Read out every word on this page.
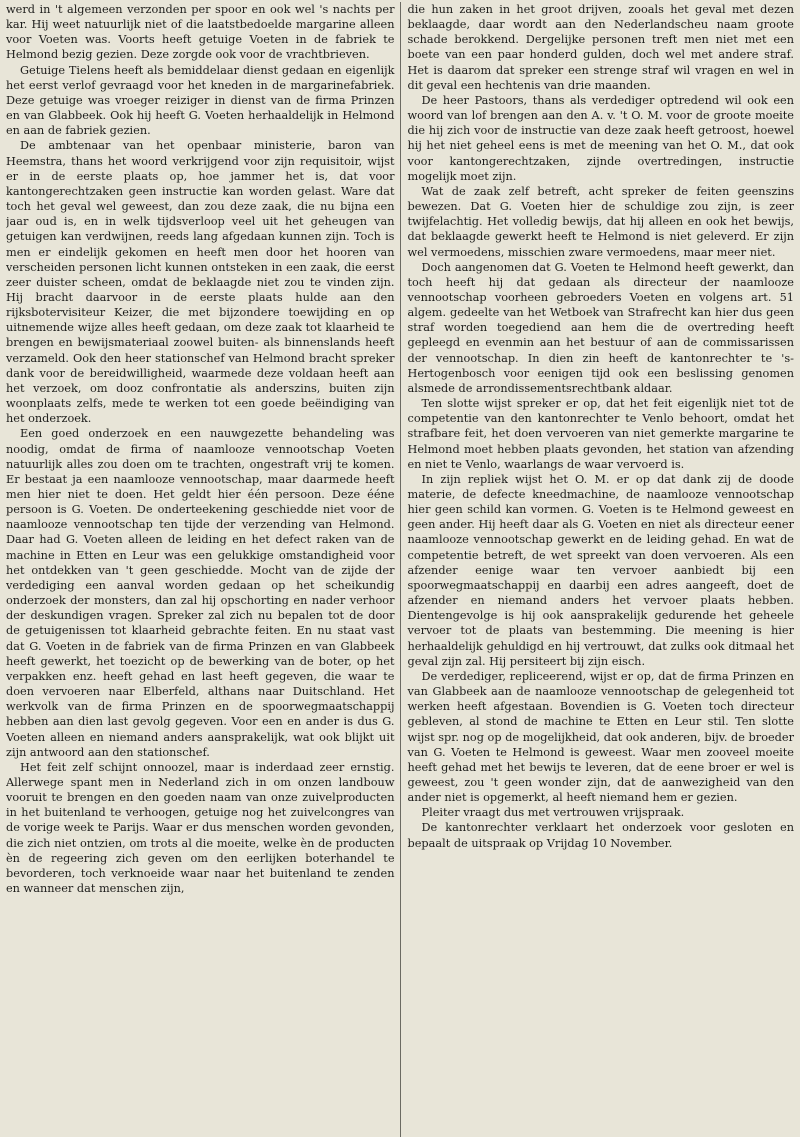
werd in 't algemeen verzonden per spoor en ook wel 's nachts per kar. Hij weet natuurlijk niet of die laatstbedoelde margarine alleen voor Voeten was. Voorts heeft getuige Voeten in de fabriek te Helmond bezig gezien. Deze zorgde ook voor de vrachtbrieven.

Getuige Tielens heeft als bemiddelaar dienst gedaan en eigenlijk het eerst verlof gevraagd voor het kneden in de margarinefabriek. Deze getuige was vroeger reiziger in dienst van de firma Prinzen en van Glabbeek. Ook hij heeft G. Voeten herhaaldelijk in Helmond en aan de fabriek gezien.

De ambtenaar van het openbaar ministerie, baron van Heemstra, thans het woord verkrijgend voor zijn requisitoir, wijst er in de eerste plaats op, hoe jammer het is, dat voor kantongerechtzaken geen instructie kan worden gelast. Ware dat toch het geval wel geweest, dan zou deze zaak, die nu bijna een jaar oud is, en in welk tijdsverloop veel uit het geheugen van getuigen kan verdwijnen, reeds lang afgedaan kunnen zijn. Toch is men er eindelijk gekomen en heeft men door het hooren van verscheiden personen licht kunnen ontsteken in een zaak, die eerst zeer duister scheen, omdat de beklaagde niet zou te vinden zijn. Hij bracht daarvoor in de eerste plaats hulde aan den rijksbotervisiteur Keizer, die met bijzondere toewijding en op uitnemende wijze alles heeft gedaan, om deze zaak tot klaarheid te brengen en bewijsmateriaal zoowel buiten- als binnenslands heeft verzameld. Ook den heer stationschef van Helmond bracht spreker dank voor de bereidwilligheid, waarmede deze voldaan heeft aan het verzoek, om dooz confrontatie als anderszins, buiten zijn woonplaats zelfs, mede te werken tot een goede beëindiging van het onderzoek.

Een goed onderzoek en een nauwgezette behandeling was noodig, omdat de firma of naamlooze vennootschap Voeten natuurlijk alles zou doen om te trachten, ongestraft vrij te komen. Er bestaat ja een naamlooze vennootschap, maar daarmede heeft men hier niet te doen. Het geldt hier één persoon. Deze ééne persoon is G. Voeten. De onderteekening geschiedde niet voor de naamlooze vennootschap ten tijde der verzending van Helmond. Daar had G. Voeten alleen de leiding en het defect raken van de machine in Etten en Leur was een gelukkige omstandigheid voor het ontdekken van 't geen geschiedde. Mocht van de zijde der verdediging een aanval worden gedaan op het scheikundig onderzoek der monsters, dan zal hij opschorting en nader verhoor der deskundigen vragen. Spreker zal zich nu bepalen tot de door de getuigenissen tot klaarheid gebrachte feiten. En nu staat vast dat G. Voeten in de fabriek van de firma Prinzen en van Glabbeek heeft gewerkt, het toezicht op de bewerking van de boter, op het verpakken enz. heeft gehad en last heeft gegeven, die waar te doen vervoeren naar Elberfeld, althans naar Duitschland. Het werkvolk van de firma Prinzen en de spoorwegmaatschappij hebben aan dien last gevolg gegeven. Voor een en ander is dus G. Voeten alleen en niemand anders aansprakelijk, wat ook blijkt uit zijn antwoord aan den stationschef.

Het feit zelf schijnt onnoozel, maar is inderdaad zeer ernstig. Allerwege spant men in Nederland zich in om onzen landbouw vooruit te brengen en den goeden naam van onze zuivelproducten in het buitenland te verhoogen, getuige nog het zuivelcongres van de vorige week te Parijs. Waar er dus menschen worden gevonden, die zich niet ontzien, om trots al die moeite, welke èn de producten èn de regeering zich geven om den eerlijken boterhandel te bevorderen, toch verknoeide waar naar het buitenland te zenden en wanneer dat menschen zijn,

die hun zaken in het groot drijven, zooals het geval met dezen beklaagde, daar wordt aan den Nederlandscheu naam groote schade berokkend. Dergelijke personen treft men niet met een boete van een paar honderd gulden, doch wel met andere straf. Het is daarom dat spreker een strenge straf wil vragen en wel in dit geval een hechtenis van drie maanden.

De heer Pastoors, thans als verdediger optredend wil ook een woord van lof brengen aan den A. v. 't O. M. voor de groote moeite die hij zich voor de instructie van deze zaak heeft getroost, hoewel hij het niet geheel eens is met de meening van het O. M., dat ook voor kantongerechtzaken, zijnde overtredingen, instructie mogelijk moet zijn.

Wat de zaak zelf betreft, acht spreker de feiten geenszins bewezen. Dat G. Voeten hier de schuldige zou zijn, is zeer twijfelachtig. Het volledig bewijs, dat hij alleen en ook het bewijs, dat beklaagde gewerkt heeft te Helmond is niet geleverd. Er zijn wel vermoedens, misschien zware vermoedens, maar meer niet.

Doch aangenomen dat G. Voeten te Helmond heeft gewerkt, dan toch heeft hij dat gedaan als directeur der naamlooze vennootschap voorheen gebroeders Voeten en volgens art. 51 algem. gedeelte van het Wetboek van Strafrecht kan hier dus geen straf worden toegediend aan hem die de overtreding heeft gepleegd en evenmin aan het bestuur of aan de commissarissen der vennootschap. In dien zin heeft de kantonrechter te 's-Hertogenbosch voor eenigen tijd ook een beslissing genomen alsmede de arrondissementsrechtbank aldaar.

Ten slotte wijst spreker er op, dat het feit eigenlijk niet tot de competentie van den kantonrechter te Venlo behoort, omdat het strafbare feit, het doen vervoeren van niet gemerkte margarine te Helmond moet hebben plaats gevonden, het station van afzending en niet te Venlo, waarlangs de waar vervoerd is.

In zijn repliek wijst het O. M. er op dat dank zij de doode materie, de defecte kneedmachine, de naamlooze vennootschap hier geen schild kan vormen. G. Voeten is te Helmond geweest en geen ander. Hij heeft daar als G. Voeten en niet als directeur eener naamlooze vennootschap gewerkt en de leiding gehad. En wat de competentie betreft, de wet spreekt van doen vervoeren. Als een afzender eenige waar ten vervoer aanbiedt bij een spoorwegmaatschappij en daarbij een adres aangeeft, doet de afzender en niemand anders het vervoer plaats hebben. Dientengevolge is hij ook aansprakelijk gedurende het geheele vervoer tot de plaats van bestemming. Die meening is hier herhaaldelijk gehuldigd en hij vertrouwt, dat zulks ook ditmaal het geval zijn zal. Hij persiteert bij zijn eisch.

De verdediger, repliceerend, wijst er op, dat de firma Prinzen en van Glabbeek aan de naamlooze vennootschap de gelegenheid tot werken heeft afgestaan. Bovendien is G. Voeten toch directeur gebleven, al stond de machine te Etten en Leur stil. Ten slotte wijst spr. nog op de mogelijkheid, dat ook anderen, bijv. de broeder van G. Voeten te Helmond is geweest. Waar men zooveel moeite heeft gehad met het bewijs te leveren, dat de eene broer er wel is geweest, zou 't geen wonder zijn, dat de aanwezigheid van den ander niet is opgemerkt, al heeft niemand hem er gezien.

Pleiter vraagt dus met vertrouwen vrijspraak.

De kantonrechter verklaart het onderzoek voor gesloten en bepaalt de uitspraak op Vrijdag 10 November.
